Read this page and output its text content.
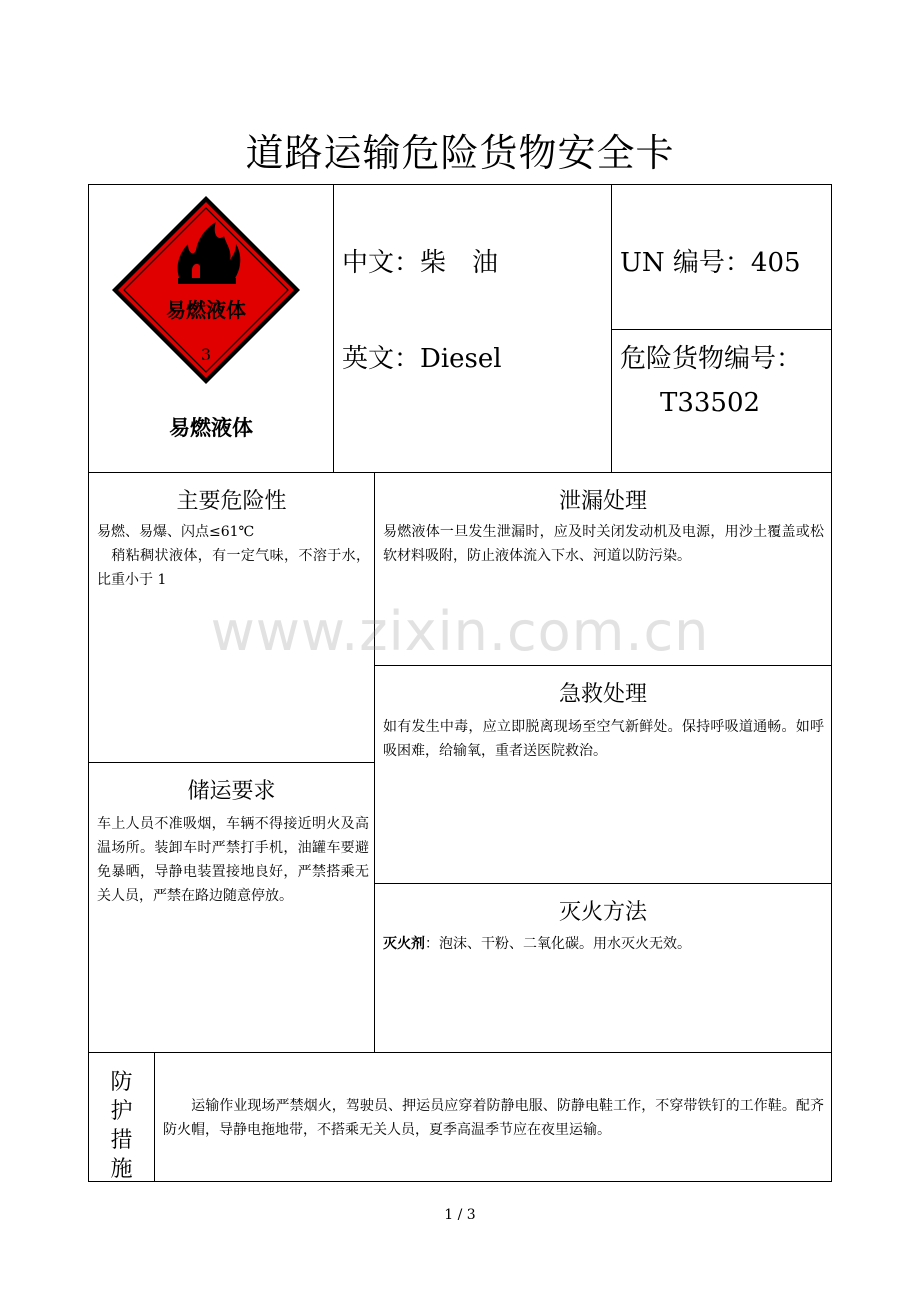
道路运输危险货物安全卡
易燃液体
3
易燃液体
中文：柴　油
英文：Diesel
UN 编号：405
危险货物编号：
T33502
主要危险性
易燃、易爆、闪点≤61℃
　稍粘稠状液体，有一定气味，不溶于水，比重小于 1
泄漏处理
易燃液体一旦发生泄漏时，应及时关闭发动机及电源，用沙土覆盖或松软材料吸附，防止液体流入下水、河道以防污染。
www.zixin.com.cn
急救处理
如有发生中毒，应立即脱离现场至空气新鲜处。保持呼吸道通畅。如呼吸困难，给输氧，重者送医院救治。
储运要求
车上人员不准吸烟，车辆不得接近明火及高温场所。装卸车时严禁打手机，油罐车要避免暴晒，导静电装置接地良好，严禁搭乘无关人员，严禁在路边随意停放。
灭火方法
灭火剂：泡沫、干粉、二氧化碳。用水灭火无效。
防
护
措
施
　　运输作业现场严禁烟火，驾驶员、押运员应穿着防静电服、防静电鞋工作，不穿带铁钉的工作鞋。配齐防火帽，导静电拖地带，不搭乘无关人员，夏季高温季节应在夜里运输。
1 / 3
